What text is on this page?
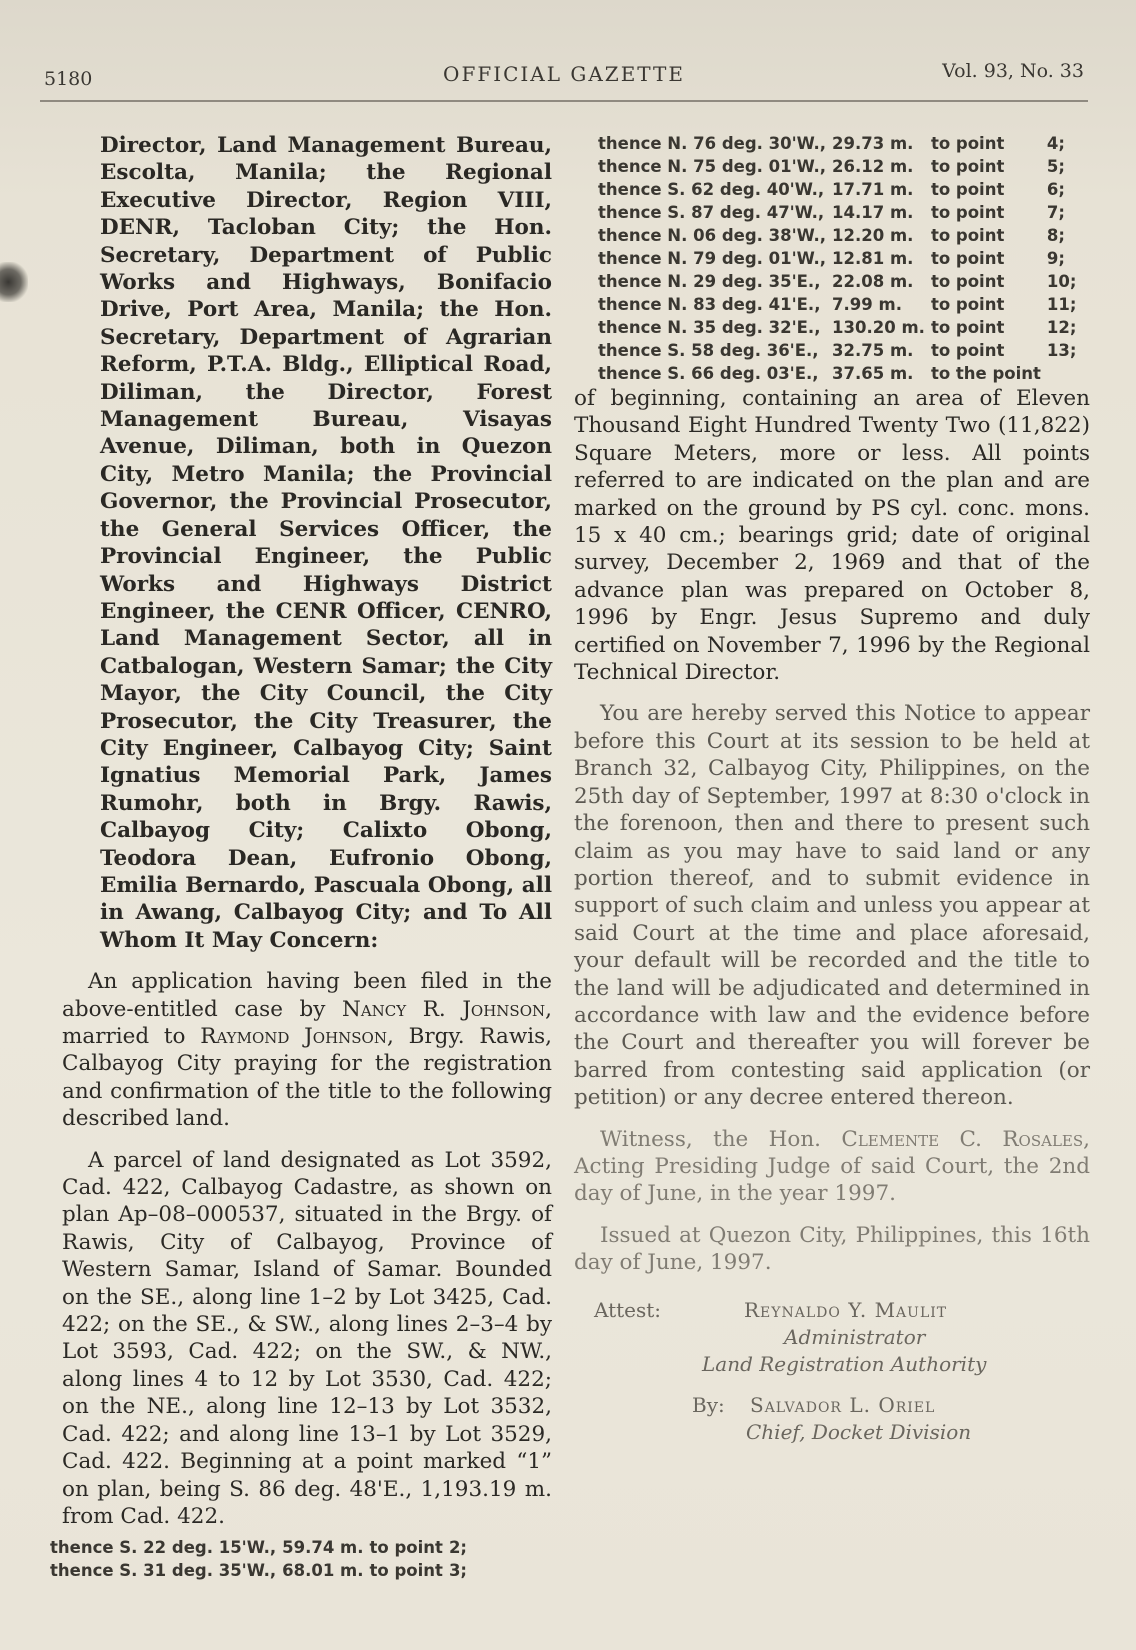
5180	OFFICIAL GAZETTE	Vol. 93, No. 33

Director, Land Management Bureau, Escolta, Manila; the Regional Executive Director, Region VIII, DENR, Tacloban City; the Hon. Secretary, Department of Public Works and Highways, Bonifacio Drive, Port Area, Manila; the Hon. Secretary, Department of Agrarian Reform, P.T.A. Bldg., Elliptical Road, Diliman, the Director, Forest Management Bureau, Visayas Avenue, Diliman, both in Quezon City, Metro Manila; the Provincial Governor, the Provincial Prosecutor, the General Services Officer, the Provincial Engineer, the Public Works and Highways District Engineer, the CENR Officer, CENRO, Land Management Sector, all in Catbalogan, Western Samar; the City Mayor, the City Council, the City Prosecutor, the City Treasurer, the City Engineer, Calbayog City; Saint Ignatius Memorial Park, James Rumohr, both in Brgy. Rawis, Calbayog City; Calixto Obong, Teodora Dean, Eufronio Obong, Emilia Bernardo, Pascuala Obong, all in Awang, Calbayog City; and To All Whom It May Concern:

An application having been filed in the above-entitled case by Nancy R. Johnson, married to Raymond Johnson, Brgy. Rawis, Calbayog City praying for the registration and confirmation of the title to the following described land.

A parcel of land designated as Lot 3592, Cad. 422, Calbayog Cadastre, as shown on plan Ap–08–000537, situated in the Brgy. of Rawis, City of Calbayog, Province of Western Samar, Island of Samar. Bounded on the SE., along line 1–2 by Lot 3425, Cad. 422; on the SE., & SW., along lines 2–3–4 by Lot 3593, Cad. 422; on the SW., & NW., along lines 4 to 12 by Lot 3530, Cad. 422; on the NE., along line 12–13 by Lot 3532, Cad. 422; and along line 13–1 by Lot 3529, Cad. 422. Beginning at a point marked “1” on plan, being S. 86 deg. 48'E., 1,193.19 m. from Cad. 422.

thence S. 22 deg. 15'W.,	59.74 m.	to point	2;
thence S. 31 deg. 35'W.,	68.01 m.	to point	3;
thence N. 76 deg. 30'W.,	29.73 m.	to point	4;
thence N. 75 deg. 01'W.,	26.12 m.	to point	5;
thence S. 62 deg. 40'W.,	17.71 m.	to point	6;
thence S. 87 deg. 47'W.,	14.17 m.	to point	7;
thence N. 06 deg. 38'W.,	12.20 m.	to point	8;
thence N. 79 deg. 01'W.,	12.81 m.	to point	9;
thence N. 29 deg. 35'E.,	22.08 m.	to point	10;
thence N. 83 deg. 41'E.,	7.99 m.	to point	11;
thence N. 35 deg. 32'E.,	130.20 m.	to point	12;
thence S. 58 deg. 36'E.,	32.75 m.	to point	13;
thence S. 66 deg. 03'E.,	37.65 m.	to the point	

of beginning, containing an area of Eleven Thousand Eight Hundred Twenty Two (11,822) Square Meters, more or less. All points referred to are indicated on the plan and are marked on the ground by PS cyl. conc. mons. 15 x 40 cm.; bearings grid; date of original survey, December 2, 1969 and that of the advance plan was prepared on October 8, 1996 by Engr. Jesus Supremo and duly certified on November 7, 1996 by the Regional Technical Director.

You are hereby served this Notice to appear before this Court at its session to be held at Branch 32, Calbayog City, Philippines, on the 25th day of September, 1997 at 8:30 o'clock in the forenoon, then and there to present such claim as you may have to said land or any portion thereof, and to submit evidence in support of such claim and unless you appear at said Court at the time and place aforesaid, your default will be recorded and the title to the land will be adjudicated and determined in accordance with law and the evidence before the Court and thereafter you will forever be barred from contesting said application (or petition) or any decree entered thereon.

Witness, the Hon. Clemente C. Rosales, Acting Presiding Judge of said Court, the 2nd day of June, in the year 1997.

Issued at Quezon City, Philippines, this 16th day of June, 1997.

Attest:	Reynaldo Y. Maulit
Administrator
Land Registration Authority
By: Salvador L. Oriel
Chief, Docket Division
